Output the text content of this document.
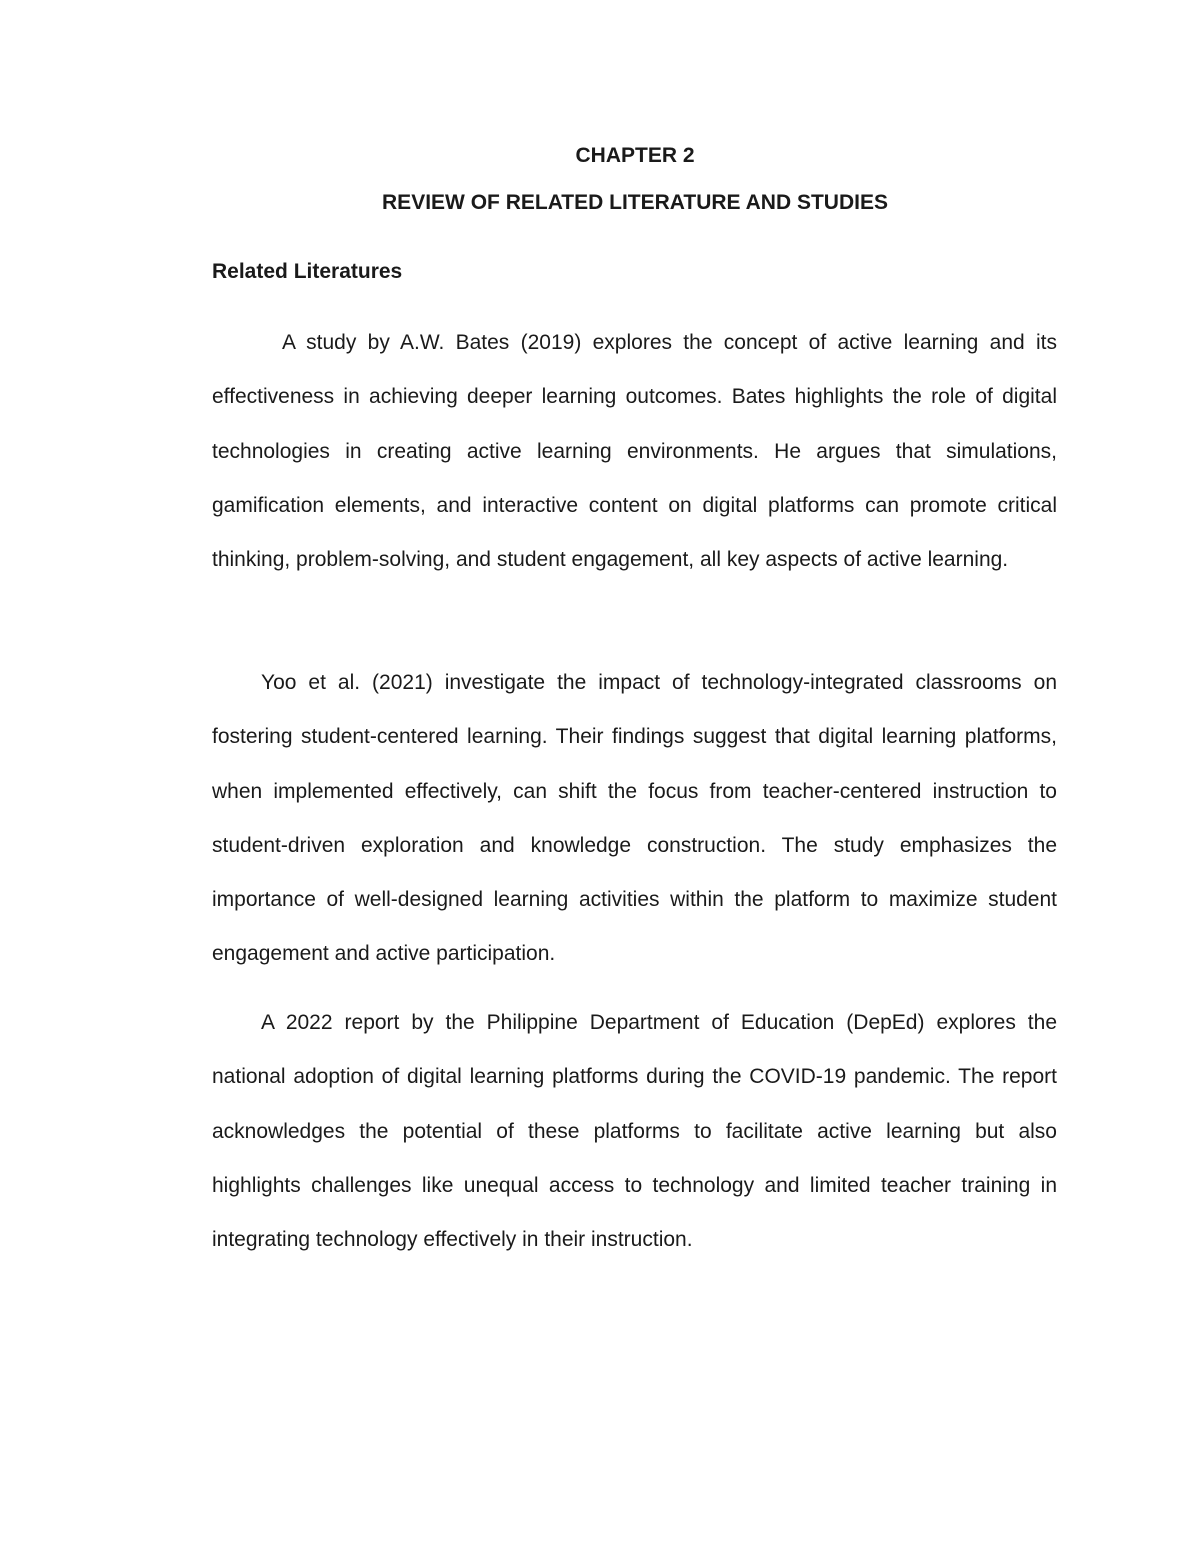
CHAPTER 2
REVIEW OF RELATED LITERATURE AND STUDIES
Related Literatures

A study by A.W. Bates (2019) explores the concept of active learning and its effectiveness in achieving deeper learning outcomes. Bates highlights the role of digital technologies in creating active learning environments. He argues that simulations, gamification elements, and interactive content on digital platforms can promote critical thinking, problem-solving, and student engagement, all key aspects of active learning.

Yoo et al. (2021) investigate the impact of technology-integrated classrooms on fostering student-centered learning. Their findings suggest that digital learning platforms, when implemented effectively, can shift the focus from teacher-centered instruction to student-driven exploration and knowledge construction. The study emphasizes the importance of well-designed learning activities within the platform to maximize student engagement and active participation.

A 2022 report by the Philippine Department of Education (DepEd) explores the national adoption of digital learning platforms during the COVID-19 pandemic. The report acknowledges the potential of these platforms to facilitate active learning but also highlights challenges like unequal access to technology and limited teacher training in integrating technology effectively in their instruction.
